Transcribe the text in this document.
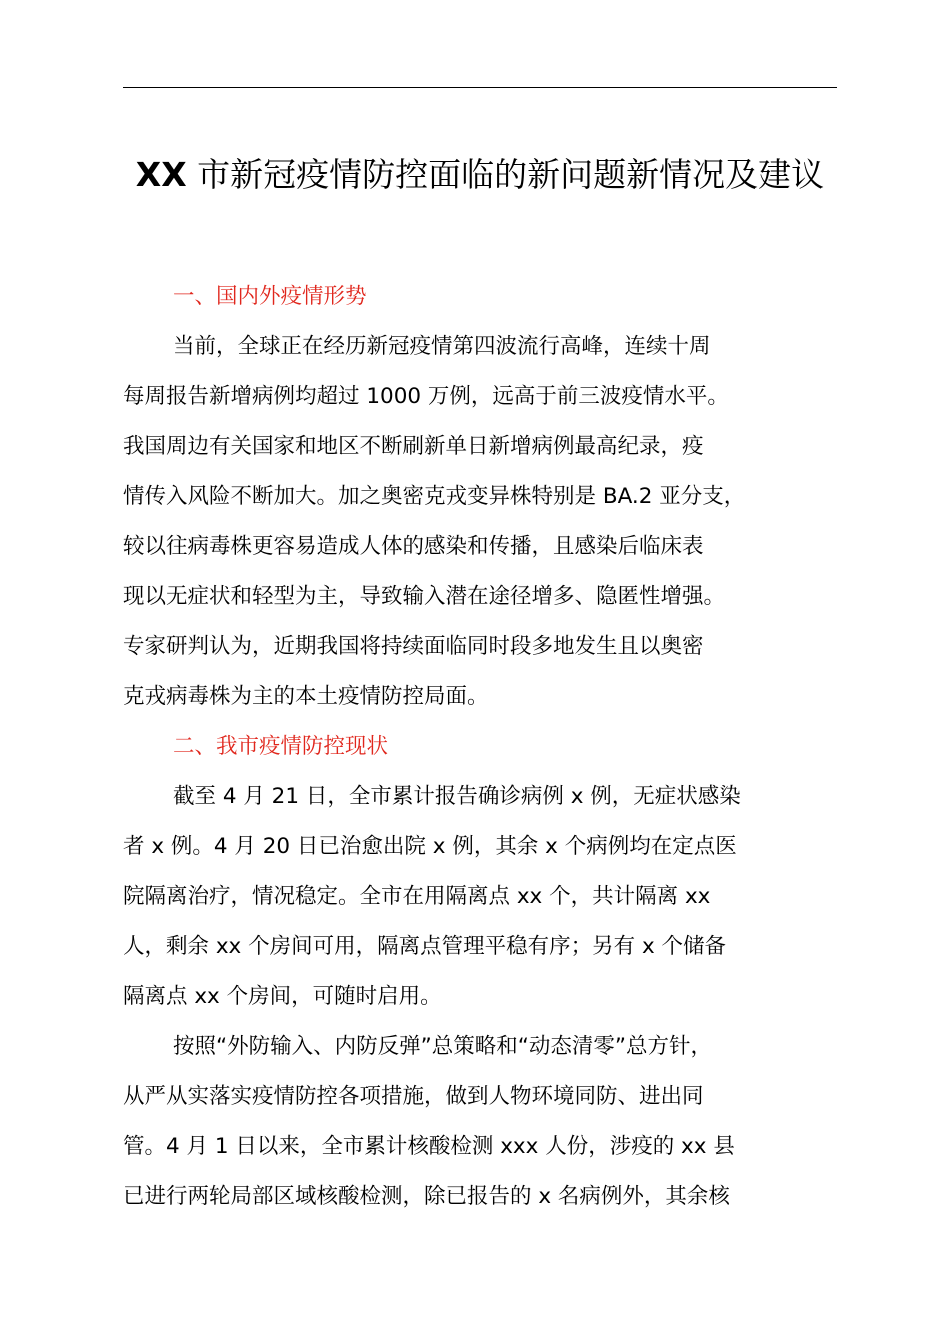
XX 市新冠疫情防控面临的新问题新情况及建议
一、国内外疫情形势

当前，全球正在经历新冠疫情第四波流行高峰，连续十周
每周报告新增病例均超过 1000 万例，远高于前三波疫情水平。
我国周边有关国家和地区不断刷新单日新增病例最高纪录，疫
情传入风险不断加大。加之奥密克戎变异株特别是 BA.2 亚分支，
较以往病毒株更容易造成人体的感染和传播，且感染后临床表
现以无症状和轻型为主，导致输入潜在途径增多、隐匿性增强。
专家研判认为，近期我国将持续面临同时段多地发生且以奥密
克戎病毒株为主的本土疫情防控局面。

二、我市疫情防控现状

截至 4 月 21 日，全市累计报告确诊病例 x 例，无症状感染
者 x 例。4 月 20 日已治愈出院 x 例，其余 x 个病例均在定点医
院隔离治疗，情况稳定。全市在用隔离点 xx 个，共计隔离 xx
人，剩余 xx 个房间可用，隔离点管理平稳有序；另有 x 个储备
隔离点 xx 个房间，可随时启用。

按照“外防输入、内防反弹”总策略和“动态清零”总方针，
从严从实落实疫情防控各项措施，做到人物环境同防、进出同
管。4 月 1 日以来，全市累计核酸检测 xxx 人份，涉疫的 xx 县
已进行两轮局部区域核酸检测，除已报告的 x 名病例外，其余核
